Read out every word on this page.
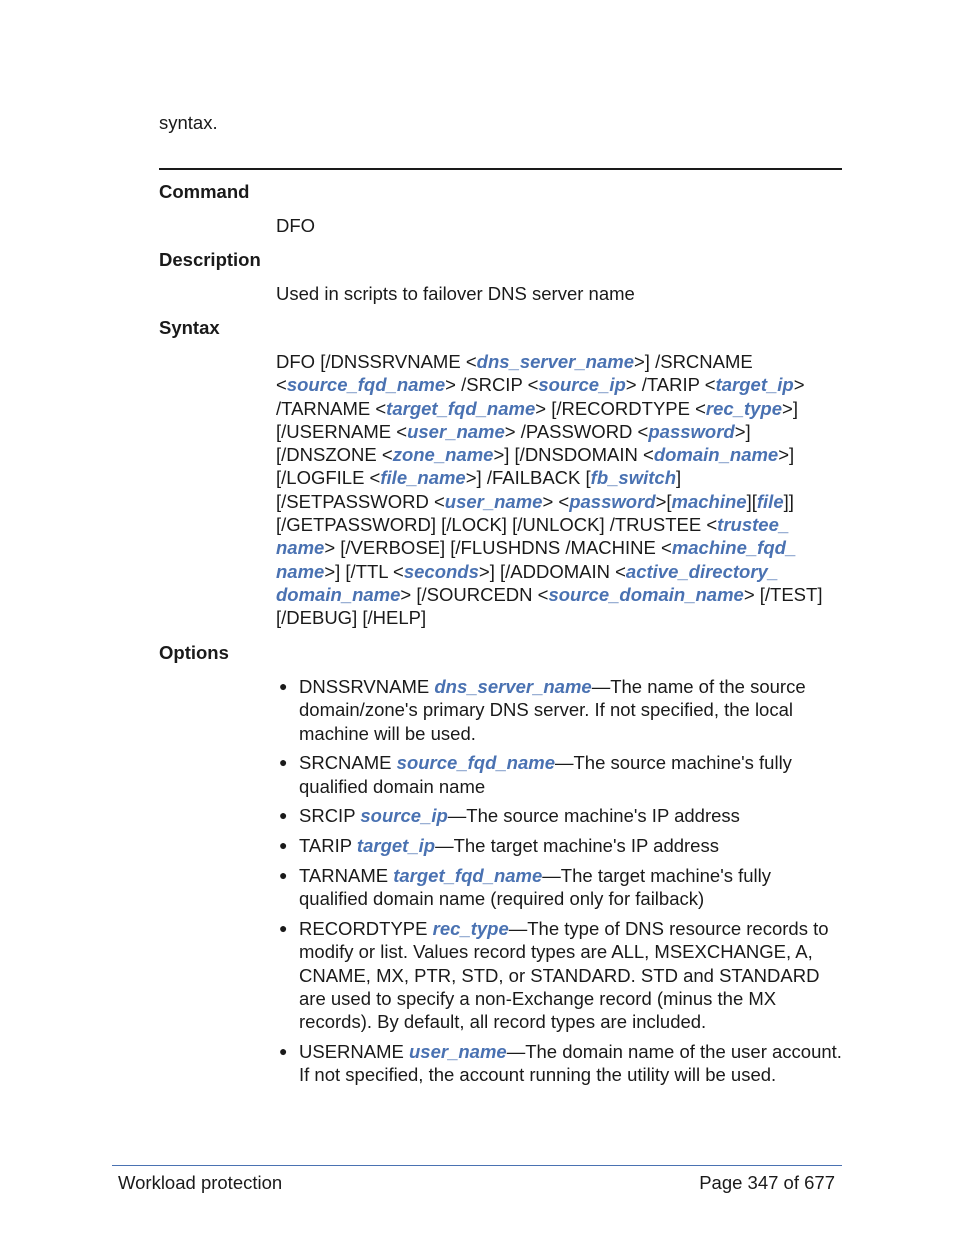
syntax.
Command
DFO
Description
Used in scripts to failover DNS server name
Syntax
DFO [/DNSSRVNAME <dns_server_name>] /SRCNAME
<source_fqd_name> /SRCIP <source_ip> /TARIP <target_ip>
/TARNAME <target_fqd_name> [/RECORDTYPE <rec_type>]
[/USERNAME <user_name> /PASSWORD <password>]
[/DNSZONE <zone_name>] [/DNSDOMAIN <domain_name>]
[/LOGFILE <file_name>] /FAILBACK [fb_switch]
[/SETPASSWORD <user_name> <password>[machine][file]]
[/GETPASSWORD] [/LOCK] [/UNLOCK] /TRUSTEE <trustee_
name> [/VERBOSE] [/FLUSHDNS /MACHINE <machine_fqd_
name>] [/TTL <seconds>] [/ADDOMAIN <active_directory_
domain_name> [/SOURCEDN <source_domain_name> [/TEST]
[/DEBUG] [/HELP]
Options
● DNSSRVNAME dns_server_name—The name of the source domain/zone's primary DNS server. If not specified, the local machine will be used.
● SRCNAME source_fqd_name—The source machine's fully qualified domain name
● SRCIP source_ip—The source machine's IP address
● TARIP target_ip—The target machine's IP address
● TARNAME target_fqd_name—The target machine's fully qualified domain name (required only for failback)
● RECORDTYPE rec_type—The type of DNS resource records to modify or list. Values record types are ALL, MSEXCHANGE, A, CNAME, MX, PTR, STD, or STANDARD. STD and STANDARD are used to specify a non-Exchange record (minus the MX records). By default, all record types are included.
● USERNAME user_name—The domain name of the user account. If not specified, the account running the utility will be used.
Workload protection	Page 347 of 677
